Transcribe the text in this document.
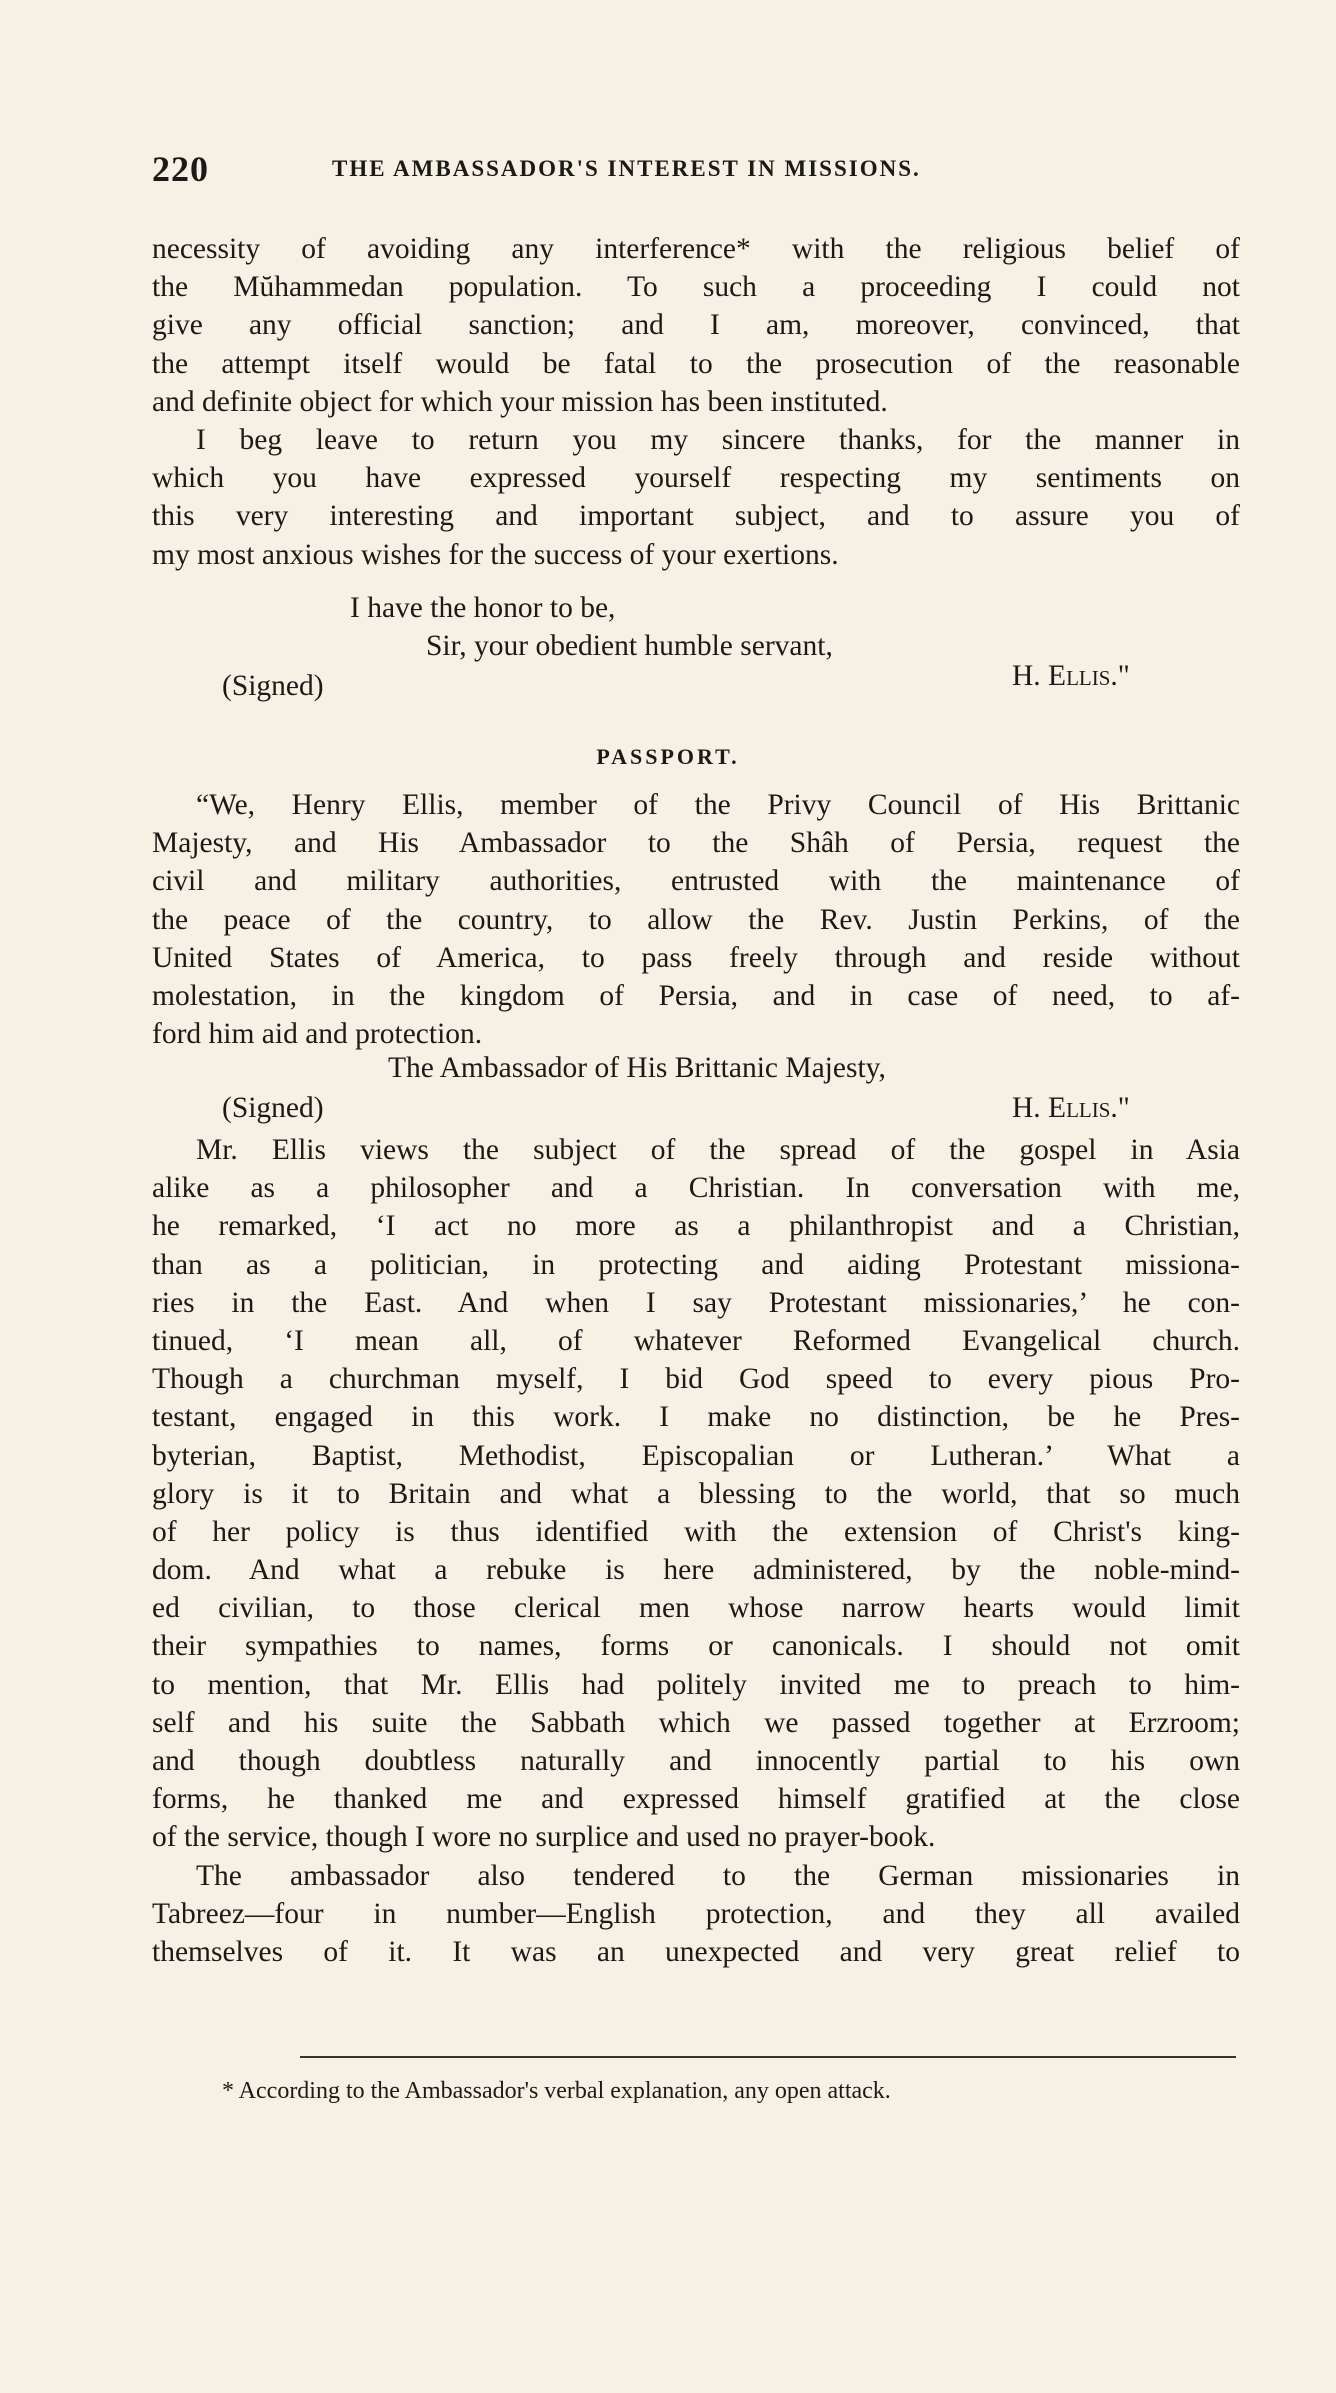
220	THE AMBASSADOR'S INTEREST IN MISSIONS.
necessity of avoiding any interference* with the religious belief of
the Mŭhammedan population. To such a proceeding I could not
give any official sanction; and I am, moreover, convinced, that
the attempt itself would be fatal to the prosecution of the reasonable
and definite object for which your mission has been instituted.
I beg leave to return you my sincere thanks, for the manner in
which you have expressed yourself respecting my sentiments on
this very interesting and important subject, and to assure you of
my most anxious wishes for the success of your exertions.
I have the honor to be,
Sir, your obedient humble servant,
(Signed)	H. Ellis."
PASSPORT.
“We, Henry Ellis, member of the Privy Council of His Brittanic
Majesty, and His Ambassador to the Shâh of Persia, request the
civil and military authorities, entrusted with the maintenance of
the peace of the country, to allow the Rev. Justin Perkins, of the
United States of America, to pass freely through and reside without
molestation, in the kingdom of Persia, and in case of need, to af-
ford him aid and protection.
The Ambassador of His Brittanic Majesty,
(Signed)	H. Ellis."
Mr. Ellis views the subject of the spread of the gospel in Asia
alike as a philosopher and a Christian. In conversation with me,
he remarked, ‘I act no more as a philanthropist and a Christian,
than as a politician, in protecting and aiding Protestant missiona-
ries in the East. And when I say Protestant missionaries,’ he con-
tinued, ‘I mean all, of whatever Reformed Evangelical church.
Though a churchman myself, I bid God speed to every pious Pro-
testant, engaged in this work. I make no distinction, be he Pres-
byterian, Baptist, Methodist, Episcopalian or Lutheran.’ What a
glory is it to Britain and what a blessing to the world, that so much
of her policy is thus identified with the extension of Christ's king-
dom. And what a rebuke is here administered, by the noble-mind-
ed civilian, to those clerical men whose narrow hearts would limit
their sympathies to names, forms or canonicals. I should not omit
to mention, that Mr. Ellis had politely invited me to preach to him-
self and his suite the Sabbath which we passed together at Erzroom;
and though doubtless naturally and innocently partial to his own
forms, he thanked me and expressed himself gratified at the close
of the service, though I wore no surplice and used no prayer-book.
The ambassador also tendered to the German missionaries in
Tabreez—four in number—English protection, and they all availed
themselves of it. It was an unexpected and very great relief to
* According to the Ambassador's verbal explanation, any open attack.
